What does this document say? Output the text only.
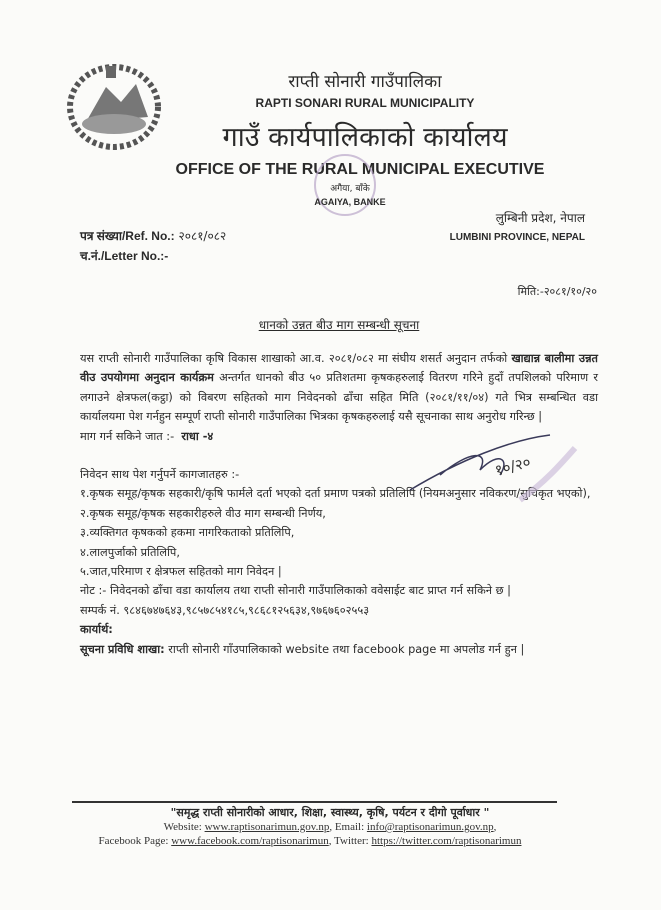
राप्ती सोनारी गाउँपालिका
RAPTI SONARI RURAL MUNICIPALITY
गाउँ कार्यपालिकाको कार्यालय
OFFICE OF THE RURAL MUNICIPAL EXECUTIVE
अगैया, बाँके
AGAIYA, BANKE
लुम्बिनी प्रदेश, नेपाल
LUMBINI PROVINCE, NEPAL
पत्र संख्या/Ref. No.: २०८१/०८२
च.नं./Letter No.:-
मिति:-२०८१/१०/२०
धानको उन्नत बीउ माग सम्बन्धी सूचना

यस राप्ती सोनारी गाउँपालिका कृषि विकास शाखाको आ.व. २०८१/०८२ मा संघीय शसर्त अनुदान तर्फको खाद्यान्न बालीमा उन्नत वीउ उपयोगमा अनुदान कार्यक्रम अन्तर्गत धानको बीउ ५० प्रतिशतमा कृषकहरुलाई वितरण गरिने हुदाँ तपशिलको परिमाण र लगाउने क्षेत्रफल(कट्ठा) को विबरण सहितको माग निवेदनको ढाँचा सहित मिति (२०८१/११/०४) गते भित्र सम्बन्धित वडा कार्यालयमा पेश गर्नहुन सम्पूर्ण राप्ती सोनारी गाउँपालिका भित्रका कृषकहरुलाई यसै सूचनाका साथ अनुरोध गरिन्छ |

माग गर्न सकिने जात :- राधा -४

निवेदन साथ पेश गर्नुपर्ने कागजातहरु :-

१.कृषक समूह/कृषक सहकारी/कृषि फार्मले दर्ता भएको दर्ता प्रमाण पत्रको प्रतिलिपि (नियमअनुसार नविकरण/सुचिकृत भएको),

२.कृषक समूह/कृषक सहकारीहरुले वीउ माग सम्बन्धी निर्णय,

३.व्यक्तिगत कृषकको हकमा नागरिकताको प्रतिलिपि,

४.लालपुर्जाको प्रतिलिपि,

५.जात,परिमाण र क्षेत्रफल सहितको माग निवेदन |

नोट :- निवेदनको ढाँचा वडा कार्यालय तथा राप्ती सोनारी गाउँपालिकाको ववेसाईट बाट प्राप्त गर्न सकिने छ |

सम्पर्क नं. ९८४६७४७६४३,९८५७८५४१८५,९८६८१२५६३४,९७६७६०२५५३

कार्यार्थ:

सूचना प्रविधि शाखा: राप्ती सोनारी गाँउपालिकाको website तथा facebook page मा अपलोड गर्न हुन |

१०/२०
"समृद्ध राप्ती सोनारीको आधार, शिक्षा, स्वास्थ्य, कृषि, पर्यटन र दीगो पूर्वाधार "
Website: www.raptisonarimun.gov.np, Email: info@raptisonarimun.gov.np,
Facebook Page: www.facebook.com/raptisonarimun, Twitter: https://twitter.com/raptisonarimun
